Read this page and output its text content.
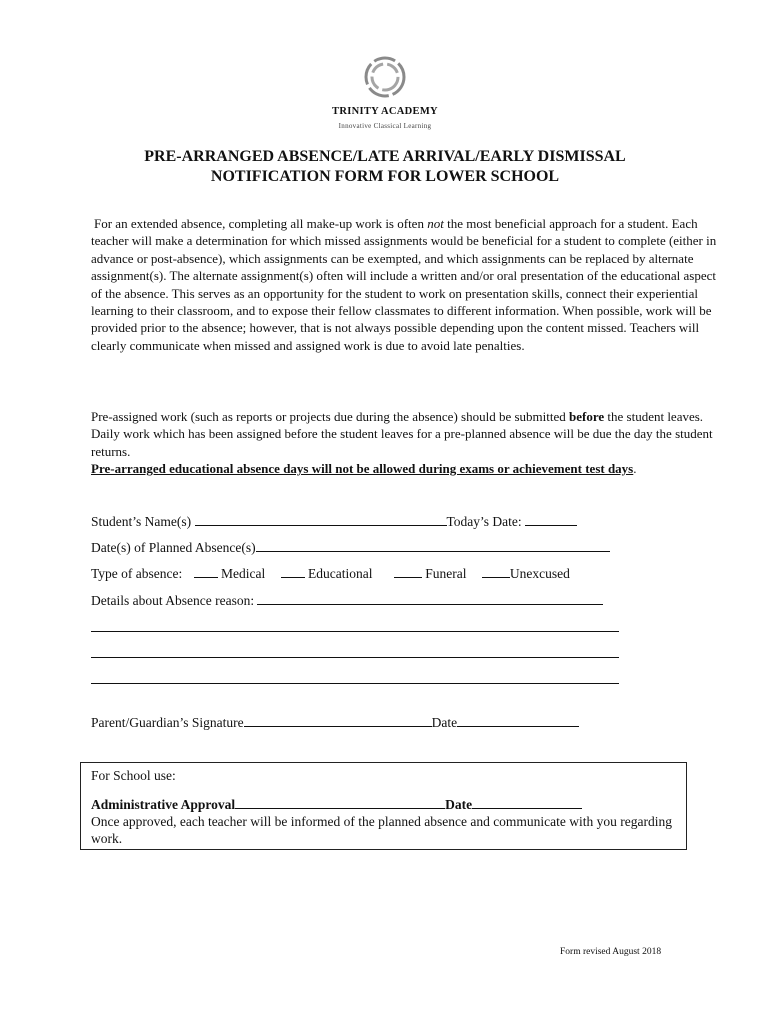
TRINITY ACADEMY
Innovative Classical Learning
PRE-ARRANGED ABSENCE/LATE ARRIVAL/EARLY DISMISSAL
NOTIFICATION FORM FOR LOWER SCHOOL

For an extended absence, completing all make-up work is often not the most beneficial approach for a student. Each teacher will make a determination for which missed assignments would be beneficial for a student to complete (either in advance or post-absence), which assignments can be exempted, and which assignments can be replaced by alternate assignment(s). The alternate assignment(s) often will include a written and/or oral presentation of the educational aspect of the absence. This serves as an opportunity for the student to work on presentation skills, connect their experiential learning to their classroom, and to expose their fellow classmates to different information. When possible, work will be provided prior to the absence; however, that is not always possible depending upon the content missed. Teachers will clearly communicate when missed and assigned work is due to avoid late penalties.

Pre-assigned work (such as reports or projects due during the absence) should be submitted before the student leaves. Daily work which has been assigned before the student leaves for a pre-planned absence will be due the day the student returns.
Pre-arranged educational absence days will not be allowed during exams or achievement test days.

Student’s Name(s)	Today’s Date:
Date(s) of Planned Absence(s)
Type of absence:	Medical	Educational	Funeral	Unexcused
Details about Absence reason:
Parent/Guardian’s Signature	Date
For School use:
Administrative Approval	Date
Once approved, each teacher will be informed of the planned absence and communicate with you regarding work.
Form revised August 2018
